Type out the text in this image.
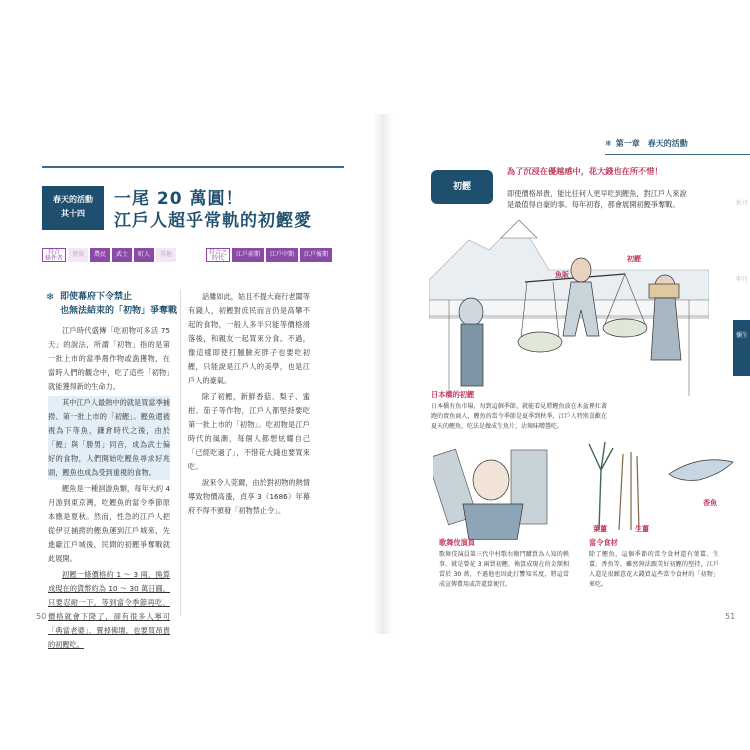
春天的活動
其十四
一尾 20 萬圓！
江戶人超乎常軌的初鰹愛
符合
條件者
貴族	農民	武士	町人	其他	符合之
時代
江戶前期	江戶中期	江戶後期
❄ 即使幕府下令禁止
也無法結束的「初物」爭奪戰

江戶時代盛傳「吃初物可多活 75 天」的說法，所謂「初物」指的是第一批上市的當季農作物或漁獲物，在當時人們的觀念中，吃了這些「初物」就能獲得新的生命力。

其中江戶人最熱中的就是買當季捕撈、第一批上市的「初鰹」。鰹魚還被視為下等魚，鎌倉時代之後，由於「鰹」與「勝男」同音，成為武士偏好的食物，人們開始吃鰹魚尋求好兆頭，鰹魚也成為受到重視的食物。

鰹魚是一種洄游魚類，每年大約 4 月游到東京灣，吃鰹魚的當令季節原本應是夏秋。然而，性急的江戶人把從伊豆捕撈的鰹魚運到江戶城來，先進獻江戶城後，民間的初鰹爭奪戰就此展開。

初鰹一條價格約 1 ～ 3 兩，換算成現在的貨幣約為 10 ～ 30 萬日圓，只要忍耐一下，等到當令季節再吃，價格就會下降了，卻有很多人寧可「典當老婆」，賣掉佛壇，也要買昂貴的初鰹吃。

話雖如此，姑且不提大商行老闆等有錢人，初鰹對庶民而言仍是高攀不起的食物，一般人多半只能等價格滑落後，和親友一起買來分食。不過，像這樣即使打腫臉充胖子也要吃初鰹，只能說是江戶人的美學，也是江戶人的豪氣。

除了初鰹，新鮮香菇、梨子、蜜柑、茄子等作物，江戶人都堅持要吃第一批上市的「初物」。吃初物是江戶時代的風潮，每個人都想炫耀自己「已經吃過了」，不惜花大錢也要買來吃。

說來令人莞爾，由於對初物的熱情導致物價高漲，貞享 3（1686）年幕府不得不頒發「初物禁止令」。

50
❄ 第一章　春天的活動
初鰹
為了沉浸在優越感中，花大錢也在所不惜！
即使價格昂貴，能比任何人更早吃到鰹魚，對江戶人來說是最值得自豪的事。每年初春，都會展開初鰹爭奪戰。	秋月
卯月
彌生
魚販
初鰹
日本橋的初鰹
日本橋有魚市場，每到這個季節，就能看見將鰹魚放在木盆裡扛著跑的賣魚商人，鰹魚的當令季節是夏季到秋季，江戶人特別喜歡在夏天的鰹魚，吃法是做成生魚片，沾辣味噌醬吃。
歌舞伎演員
歌舞伎演員第三代中村歌右衛門購買為人知的軼事，就是曾花 3 兩買初鰹，換算成現在的金額相當於 30 萬，不過他也因此打響知名度，將這當成宣傳費用或許還算便宜。
葉薑	生薑
香魚
當令食材
除了鰹魚，這個季節的當令食材還有葉薑、生薑、香魚等。雖然無法跟美好初鰹的堅持，江戶人還是很願意花大錢買這些當令食材的「初物」來吃。
51
